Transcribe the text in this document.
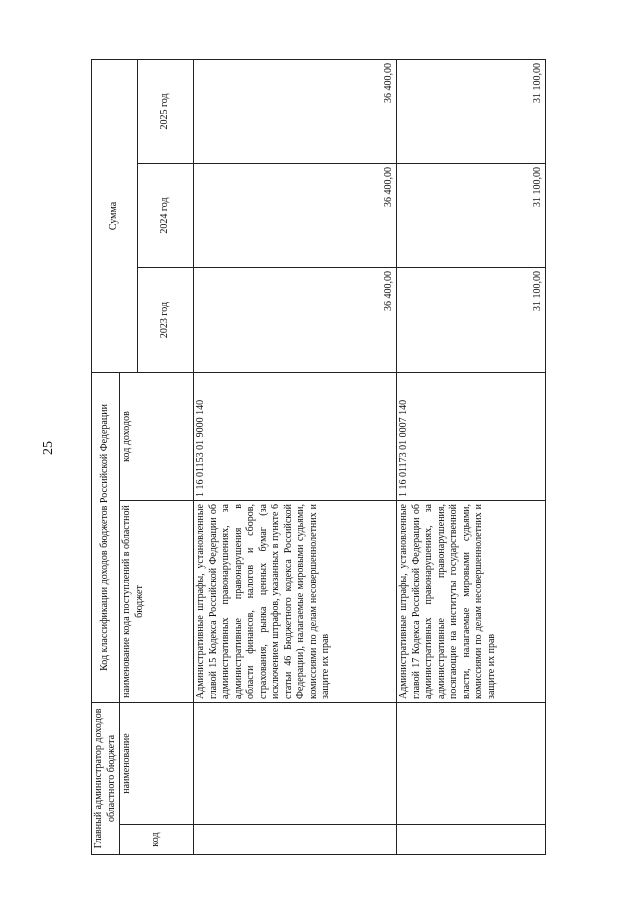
25
Главный администратор доходов областного бюджета		Код классификации доходов бюджетов Российской Федерации		Сумма		
код	наименование	наименование кода поступлений в областной бюджет	код доходов			
				2023 год	2024 год	2025 год
		Административные штрафы, установленные главой 15 Кодекса Российской Федерации об административных правонарушениях, за административные правонарушения в области финансов, налогов и сборов, страхования, рынка ценных бумаг (за исключением штрафов, указанных в пункте 6 статьи 46 Бюджетного кодекса Российской Федерации), налагаемые мировыми судьями, комиссиями по делам несовершеннолетних и защите их прав	1 16 01153 01 9000 140	36 400,00	36 400,00	36 400,00
		Административные штрафы, установленные главой 17 Кодекса Российской Федерации об административных правонарушениях, за административные правонарушения, посягающие на институты государственной власти, налагаемые мировыми судьями, комиссиями по делам несовершеннолетних и защите их прав	1 16 01173 01 0007 140	31 100,00	31 100,00	31 100,00
